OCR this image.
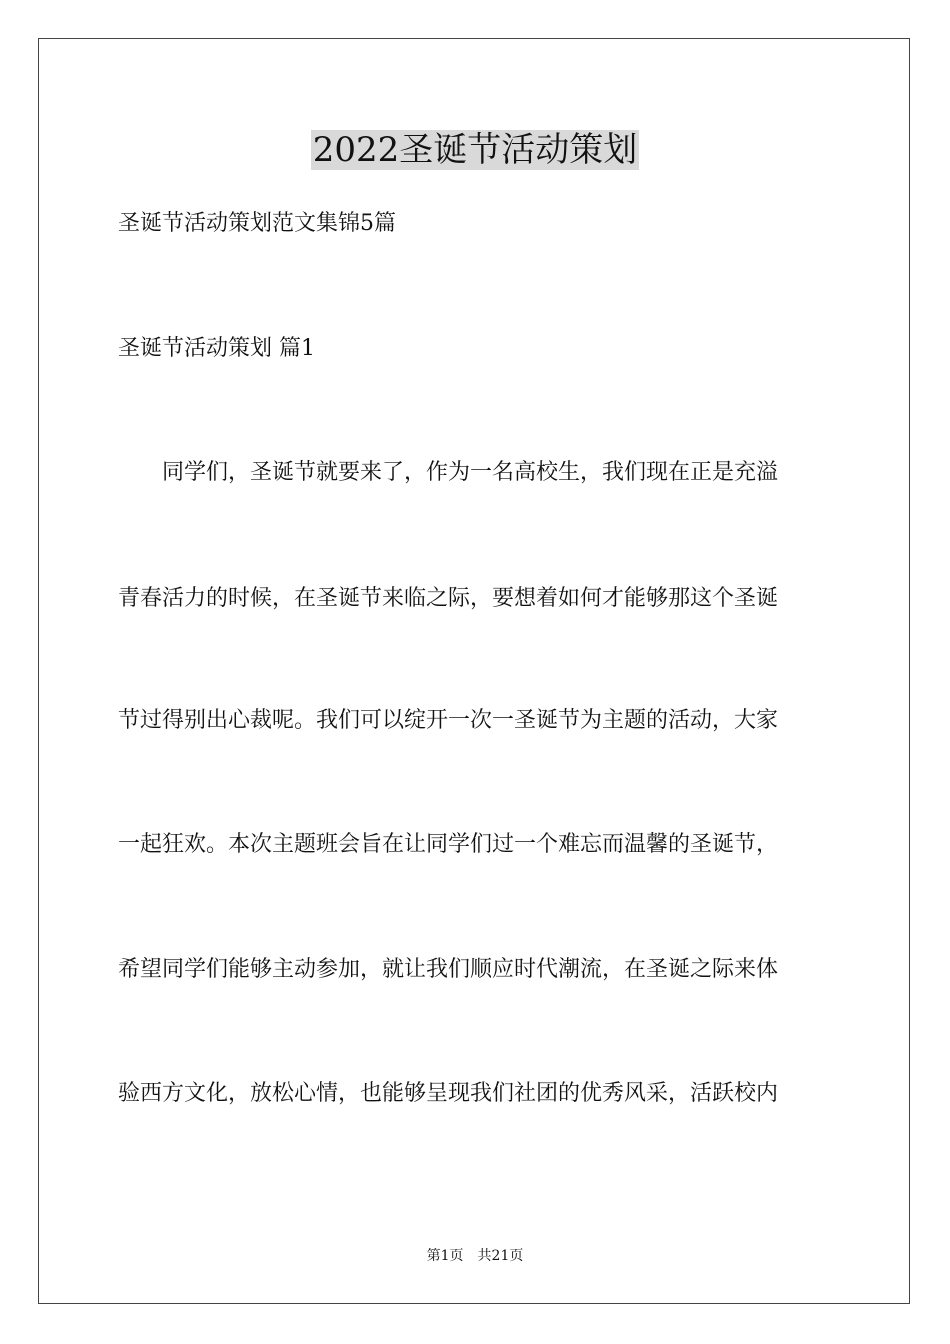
2022圣诞节活动策划
圣诞节活动策划范文集锦5篇
圣诞节活动策划 篇1
　　同学们，圣诞节就要来了，作为一名高校生，我们现在正是充溢
青春活力的时候，在圣诞节来临之际，要想着如何才能够那这个圣诞
节过得别出心裁呢。我们可以绽开一次一圣诞节为主题的活动，大家
一起狂欢。本次主题班会旨在让同学们过一个难忘而温馨的圣诞节，
希望同学们能够主动参加，就让我们顺应时代潮流，在圣诞之际来体
验西方文化，放松心情，也能够呈现我们社团的优秀风采，活跃校内
第1页　共21页
